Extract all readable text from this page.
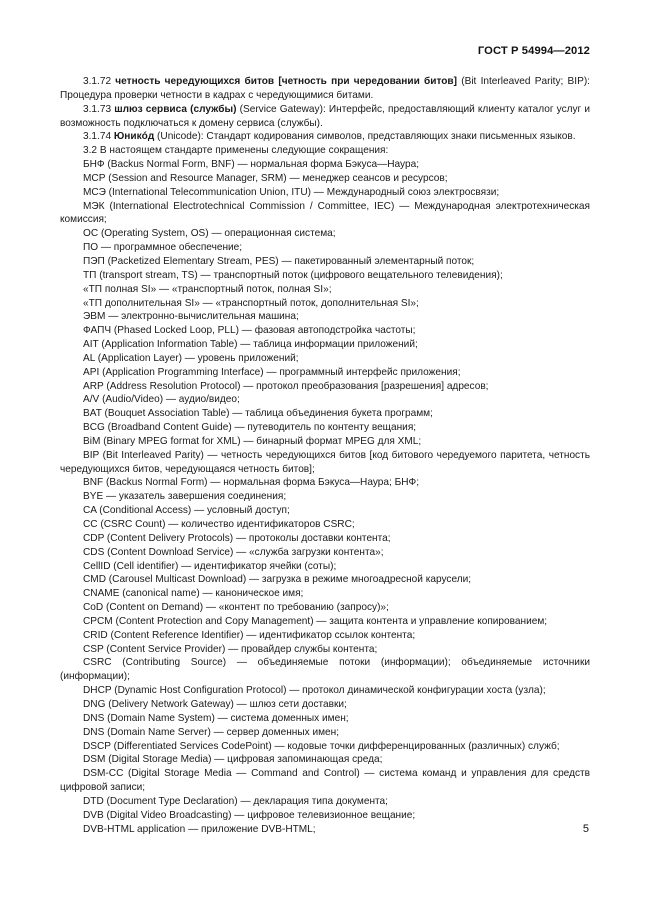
ГОСТ Р 54994—2012

3.1.72 четность чередующихся битов [четность при чередовании битов] (Bit Interleaved Parity; BIP): Процедура проверки четности в кадрах с чередующимися битами.

3.1.73 шлюз сервиса (службы) (Service Gateway): Интерфейс, предоставляющий клиенту каталог услуг и возможность подключаться к домену сервиса (службы).

3.1.74 Юникóд (Unicode): Стандарт кодирования символов, представляющих знаки письменных языков.

3.2 В настоящем стандарте применены следующие сокращения:

БНФ (Backus Normal Form, BNF) — нормальная форма Бэкуса—Наура;

МСР (Session and Resource Manager, SRM) — менеджер сеансов и ресурсов;

МСЭ (International Telecommunication Union, ITU) — Международный союз электросвязи;

МЭК (International Electrotechnical Commission / Committee, IEC) — Международная электротехническая комиссия;

ОС (Operating System, OS) — операционная система;

ПО — программное обеспечение;

ПЭП (Packetized Elementary Stream, PES) — пакетированный элементарный поток;

ТП (transport stream, TS) — транспортный поток (цифрового вещательного телевидения);

«ТП полная SI» — «транспортный поток, полная SI»;

«ТП дополнительная SI» — «транспортный поток, дополнительная SI»;

ЭВМ — электронно-вычислительная машина;

ФАПЧ (Phased Locked Loop, PLL) — фазовая автоподстройка частоты;

AIT (Application Information Table) — таблица информации приложений;

AL (Application Layer) — уровень приложений;

API (Application Programming Interface) — программный интерфейс приложения;

ARP (Address Resolution Protocol) — протокол преобразования [разрешения] адресов;

A/V (Audio/Video) — аудио/видео;

BAT (Bouquet Association Table) — таблица объединения букета программ;

BCG (Broadband Content Guide) — путеводитель по контенту вещания;

BiM (Binary MPEG format for XML) — бинарный формат MPEG для XML;

BIP (Bit Interleaved Parity) — четность чередующихся битов [код битового чередуемого паритета, четность чередующихся битов, чередующаяся четность битов];

BNF (Backus Normal Form) — нормальная форма Бэкуса—Наура; БНФ;

BYE — указатель завершения соединения;

CA (Conditional Access) — условный доступ;

CC (CSRC Count) — количество идентификаторов CSRC;

CDP (Content Delivery Protocols) — протоколы доставки контента;

CDS (Content Download Service) — «служба загрузки контента»;

CellID (Cell identifier) — идентификатор ячейки (соты);

CMD (Carousel Multicast Download) — загрузка в режиме многоадресной карусели;

CNAME (canonical name) — каноническое имя;

CoD (Content on Demand) — «контент по требованию (запросу)»;

CPCM (Content Protection and Copy Management) — защита контента и управление копированием;

CRID (Content Reference Identifier) — идентификатор ссылок контента;

CSP (Content Service Provider) — провайдер службы контента;

CSRC (Contributing Source) — объединяемые потоки (информации); объединяемые источники (информации);

DHCP (Dynamic Host Configuration Protocol) — протокол динамической конфигурации хоста (узла);

DNG (Delivery Network Gateway) — шлюз сети доставки;

DNS (Domain Name System) — система доменных имен;

DNS (Domain Name Server) — сервер доменных имен;

DSCP (Differentiated Services CodePoint) — кодовые точки дифференцированных (различных) служб;

DSM (Digital Storage Media) — цифровая запоминающая среда;

DSM-CC (Digital Storage Media — Command and Control) — система команд и управления для средств цифровой записи;

DTD (Document Type Declaration) — декларация типа документа;

DVB (Digital Video Broadcasting) — цифровое телевизионное вещание;

DVB-HTML application — приложение DVB-HTML;	5
